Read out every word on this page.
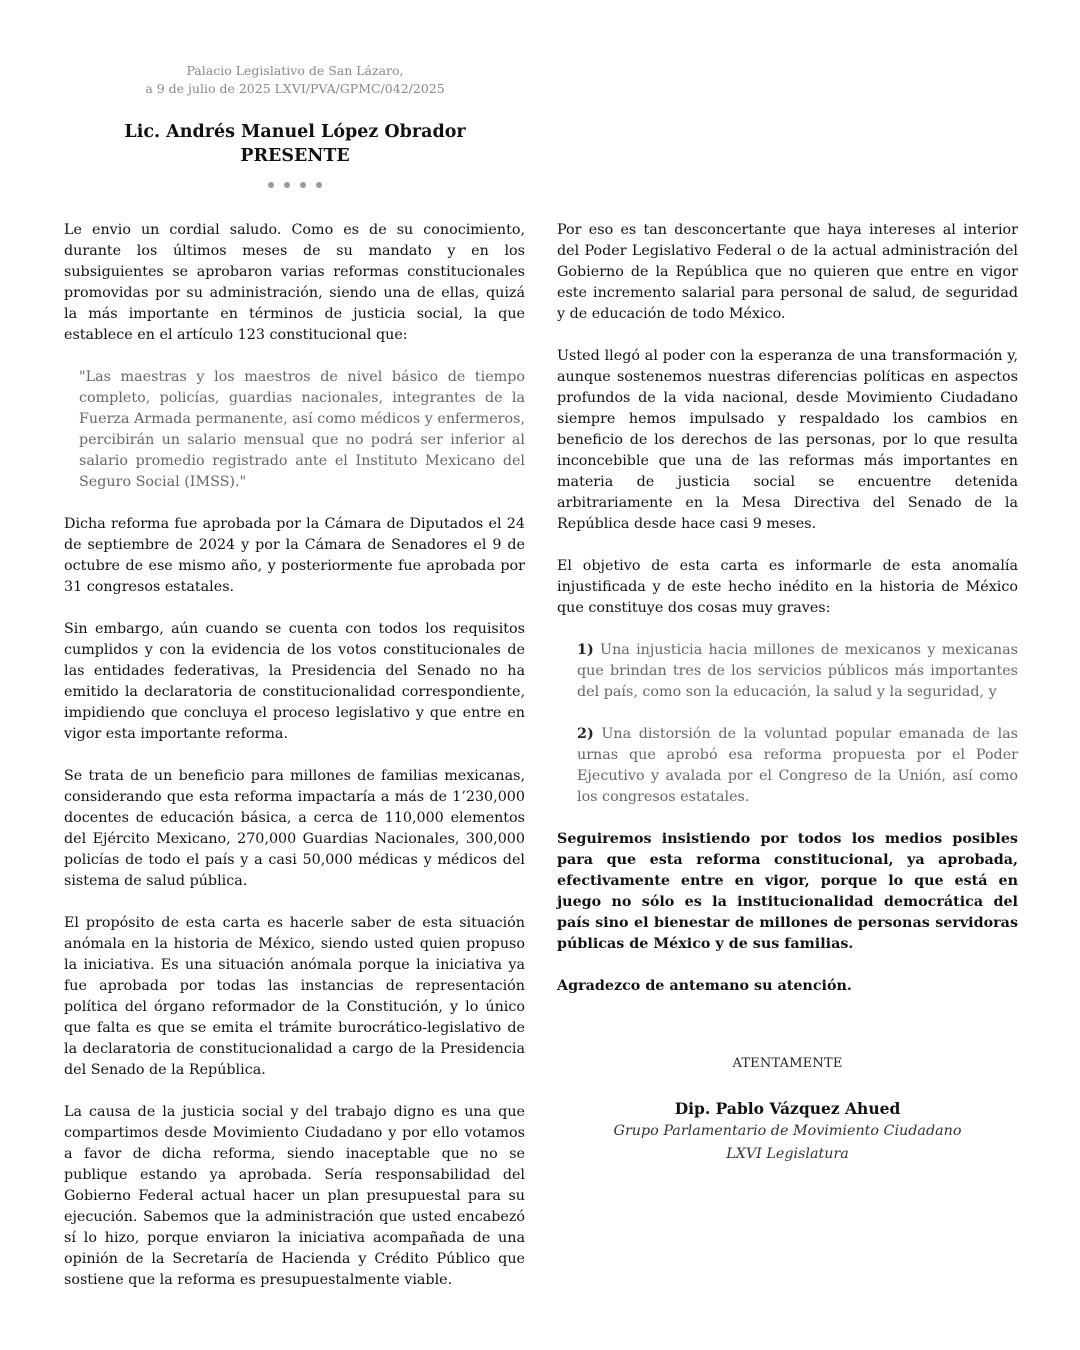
Palacio Legislativo de San Lázaro,
a 9 de julio de 2025 LXVI/PVA/GPMC/042/2025
Lic. Andrés Manuel López Obrador
PRESENTE

Le envio un cordial saludo. Como es de su conocimiento, durante los últimos meses de su mandato y en los subsiguientes se aprobaron varias reformas constitucionales promovidas por su administración, siendo una de ellas, quizá la más importante en términos de justicia social, la que establece en el artículo 123 constitucional que:

"Las maestras y los maestros de nivel básico de tiempo completo, policías, guardias nacionales, integrantes de la Fuerza Armada permanente, así como médicos y enfermeros, percibirán un salario mensual que no podrá ser inferior al salario promedio registrado ante el Instituto Mexicano del Seguro Social (IMSS)."

Dicha reforma fue aprobada por la Cámara de Diputados el 24 de septiembre de 2024 y por la Cámara de Senadores el 9 de octubre de ese mismo año, y posteriormente fue aprobada por 31 congresos estatales.

Sin embargo, aún cuando se cuenta con todos los requisitos cumplidos y con la evidencia de los votos constitucionales de las entidades federativas, la Presidencia del Senado no ha emitido la declaratoria de constitucionalidad correspondiente, impidiendo que concluya el proceso legislativo y que entre en vigor esta importante reforma.

Se trata de un beneficio para millones de familias mexicanas, considerando que esta reforma impactaría a más de 1’230,000 docentes de educación básica, a cerca de 110,000 elementos del Ejército Mexicano, 270,000 Guardias Nacionales, 300,000 policías de todo el país y a casi 50,000 médicas y médicos del sistema de salud pública.

El propósito de esta carta es hacerle saber de esta situación anómala en la historia de México, siendo usted quien propuso la iniciativa. Es una situación anómala porque la iniciativa ya fue aprobada por todas las instancias de representación política del órgano reformador de la Constitución, y lo único que falta es que se emita el trámite burocrático-legislativo de la declaratoria de constitucionalidad a cargo de la Presidencia del Senado de la República.

La causa de la justicia social y del trabajo digno es una que compartimos desde Movimiento Ciudadano y por ello votamos a favor de dicha reforma, siendo inaceptable que no se publique estando ya aprobada. Sería responsabilidad del Gobierno Federal actual hacer un plan presupuestal para su ejecución. Sabemos que la administración que usted encabezó sí lo hizo, porque enviaron la iniciativa acompañada de una opinión de la Secretaría de Hacienda y Crédito Público que sostiene que la reforma es presupuestalmente viable.

Por eso es tan desconcertante que haya intereses al interior del Poder Legislativo Federal o de la actual administración del Gobierno de la República que no quieren que entre en vigor este incremento salarial para personal de salud, de seguridad y de educación de todo México.

Usted llegó al poder con la esperanza de una transformación y, aunque sostenemos nuestras diferencias políticas en aspectos profundos de la vida nacional, desde Movimiento Ciudadano siempre hemos impulsado y respaldado los cambios en beneficio de los derechos de las personas, por lo que resulta inconcebible que una de las reformas más importantes en materia de justicia social se encuentre detenida arbitrariamente en la Mesa Directiva del Senado de la República desde hace casi 9 meses.

El objetivo de esta carta es informarle de esta anomalía injustificada y de este hecho inédito en la historia de México que constituye dos cosas muy graves:

1) Una injusticia hacia millones de mexicanos y mexicanas que brindan tres de los servicios públicos más importantes del país, como son la educación, la salud y la seguridad, y

2) Una distorsión de la voluntad popular emanada de las urnas que aprobó esa reforma propuesta por el Poder Ejecutivo y avalada por el Congreso de la Unión, así como los congresos estatales.

Seguiremos insistiendo por todos los medios posibles para que esta reforma constitucional, ya aprobada, efectivamente entre en vigor, porque lo que está en juego no sólo es la institucionalidad democrática del país sino el bienestar de millones de personas servidoras públicas de México y de sus familias.

Agradezco de antemano su atención.

ATENTAMENTE
Dip. Pablo Vázquez Ahued
Grupo Parlamentario de Movimiento Ciudadano
LXVI Legislatura
